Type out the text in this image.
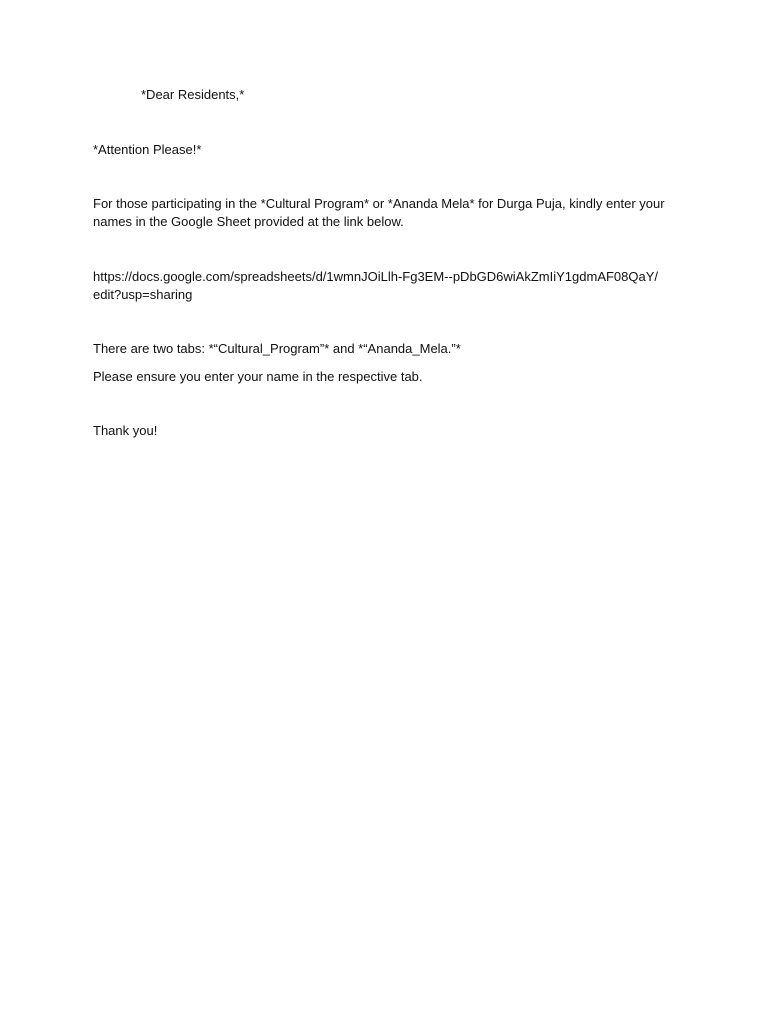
*Dear Residents,*

*Attention Please!*

For those participating in the *Cultural Program* or *Ananda Mela* for Durga Puja, kindly enter your names in the Google Sheet provided at the link below.

https://docs.google.com/spreadsheets/d/1wmnJOiLlh-Fg3EM--pDbGD6wiAkZmIiY1gdmAF08QaY/
edit?usp=sharing

There are two tabs: *“Cultural_Program”* and *“Ananda_Mela.”*

Please ensure you enter your name in the respective tab.

Thank you!
